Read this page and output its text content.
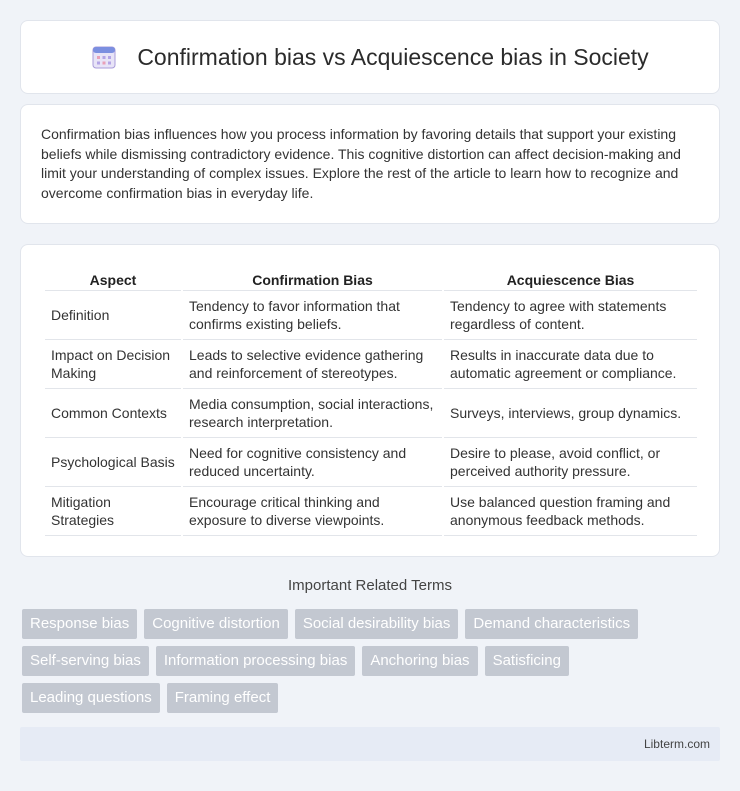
Confirmation bias vs Acquiescence bias in Society

Confirmation bias influences how you process information by favoring details that support your existing beliefs while dismissing contradictory evidence. This cognitive distortion can affect decision-making and limit your understanding of complex issues. Explore the rest of the article to learn how to recognize and overcome confirmation bias in everyday life.

Aspect	Confirmation Bias	Acquiescence Bias
Definition	Tendency to favor information that confirms existing beliefs.	Tendency to agree with statements regardless of content.
Impact on Decision Making	Leads to selective evidence gathering and reinforcement of stereotypes.	Results in inaccurate data due to automatic agreement or compliance.
Common Contexts	Media consumption, social interactions, research interpretation.	Surveys, interviews, group dynamics.
Psychological Basis	Need for cognitive consistency and reduced uncertainty.	Desire to please, avoid conflict, or perceived authority pressure.
Mitigation Strategies	Encourage critical thinking and exposure to diverse viewpoints.	Use balanced question framing and anonymous feedback methods.
Important Related Terms
Response bias	Cognitive distortion	Social desirability bias	Demand characteristics
Self-serving bias	Information processing bias	Anchoring bias	Satisficing
Leading questions	Framing effect
Libterm.com
